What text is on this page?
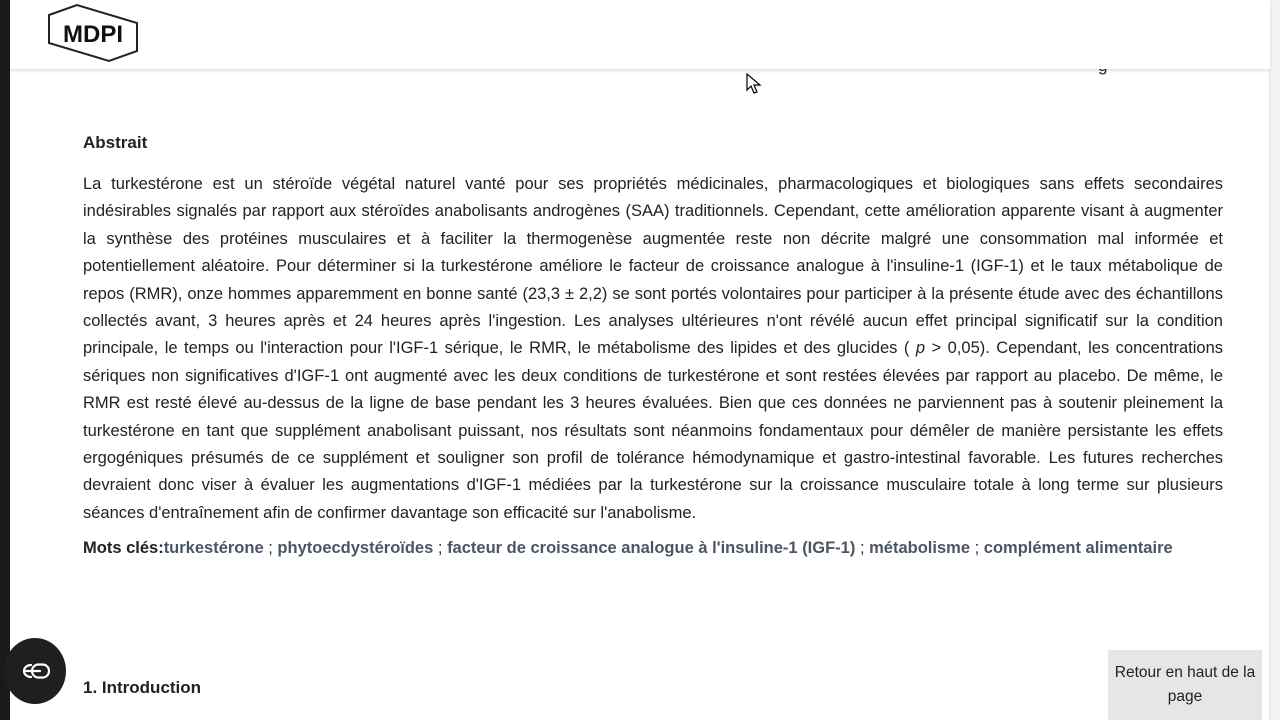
MDPI
Abstrait

La turkestérone est un stéroïde végétal naturel vanté pour ses propriétés médicinales, pharmacologiques et biologiques sans effets secondaires indésirables signalés par rapport aux stéroïdes anabolisants androgènes (SAA) traditionnels. Cependant, cette amélioration apparente visant à augmenter la synthèse des protéines musculaires et à faciliter la thermogenèse augmentée reste non décrite malgré une consommation mal informée et potentiellement aléatoire. Pour déterminer si la turkestérone améliore le facteur de croissance analogue à l'insuline-1 (IGF-1) et le taux métabolique de repos (RMR), onze hommes apparemment en bonne santé (23,3 ± 2,2) se sont portés volontaires pour participer à la présente étude avec des échantillons collectés avant, 3 heures après et 24 heures après l'ingestion. Les analyses ultérieures n'ont révélé aucun effet principal significatif sur la condition principale, le temps ou l'interaction pour l'IGF-1 sérique, le RMR, le métabolisme des lipides et des glucides ( p > 0,05). Cependant, les concentrations sériques non significatives d'IGF-1 ont augmenté avec les deux conditions de turkestérone et sont restées élevées par rapport au placebo. De même, le RMR est resté élevé au-dessus de la ligne de base pendant les 3 heures évaluées. Bien que ces données ne parviennent pas à soutenir pleinement la turkestérone en tant que supplément anabolisant puissant, nos résultats sont néanmoins fondamentaux pour démêler de manière persistante les effets ergogéniques présumés de ce supplément et souligner son profil de tolérance hémodynamique et gastro-intestinal favorable. Les futures recherches devraient donc viser à évaluer les augmentations d'IGF-1 médiées par la turkestérone sur la croissance musculaire totale à long terme sur plusieurs séances d'entraînement afin de confirmer davantage son efficacité sur l'anabolisme.

Mots clés:turkestérone ; phytoecdystéroïdes ; facteur de croissance analogue à l'insuline-1 (IGF-1) ; métabolisme ; complément alimentaire
1. Introduction
Retour en haut de la page
